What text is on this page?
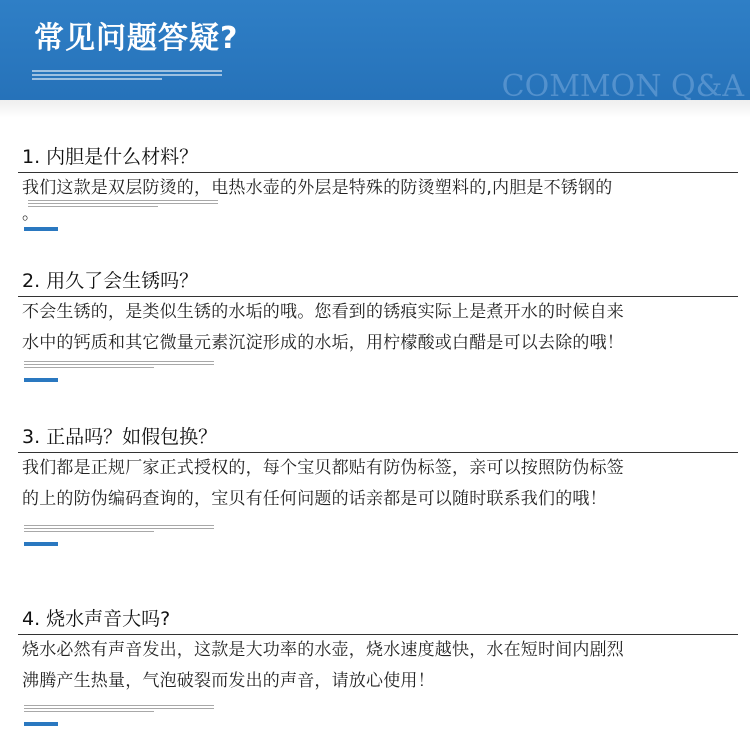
常见问题答疑?
COMMON Q&A
1. 内胆是什么材料？
我们这款是双层防烫的，电热水壶的外层是特殊的防烫塑料的,内胆是不锈钢的
。
2. 用久了会生锈吗？
不会生锈的，是类似生锈的水垢的哦。您看到的锈痕实际上是煮开水的时候自来
水中的钙质和其它微量元素沉淀形成的水垢，用柠檬酸或白醋是可以去除的哦！
3. 正品吗？如假包换？
我们都是正规厂家正式授权的，每个宝贝都贴有防伪标签，亲可以按照防伪标签
的上的防伪编码查询的，宝贝有任何问题的话亲都是可以随时联系我们的哦！
4. 烧水声音大吗?
烧水必然有声音发出，这款是大功率的水壶，烧水速度越快，水在短时间内剧烈
沸腾产生热量，气泡破裂而发出的声音，请放心使用！
